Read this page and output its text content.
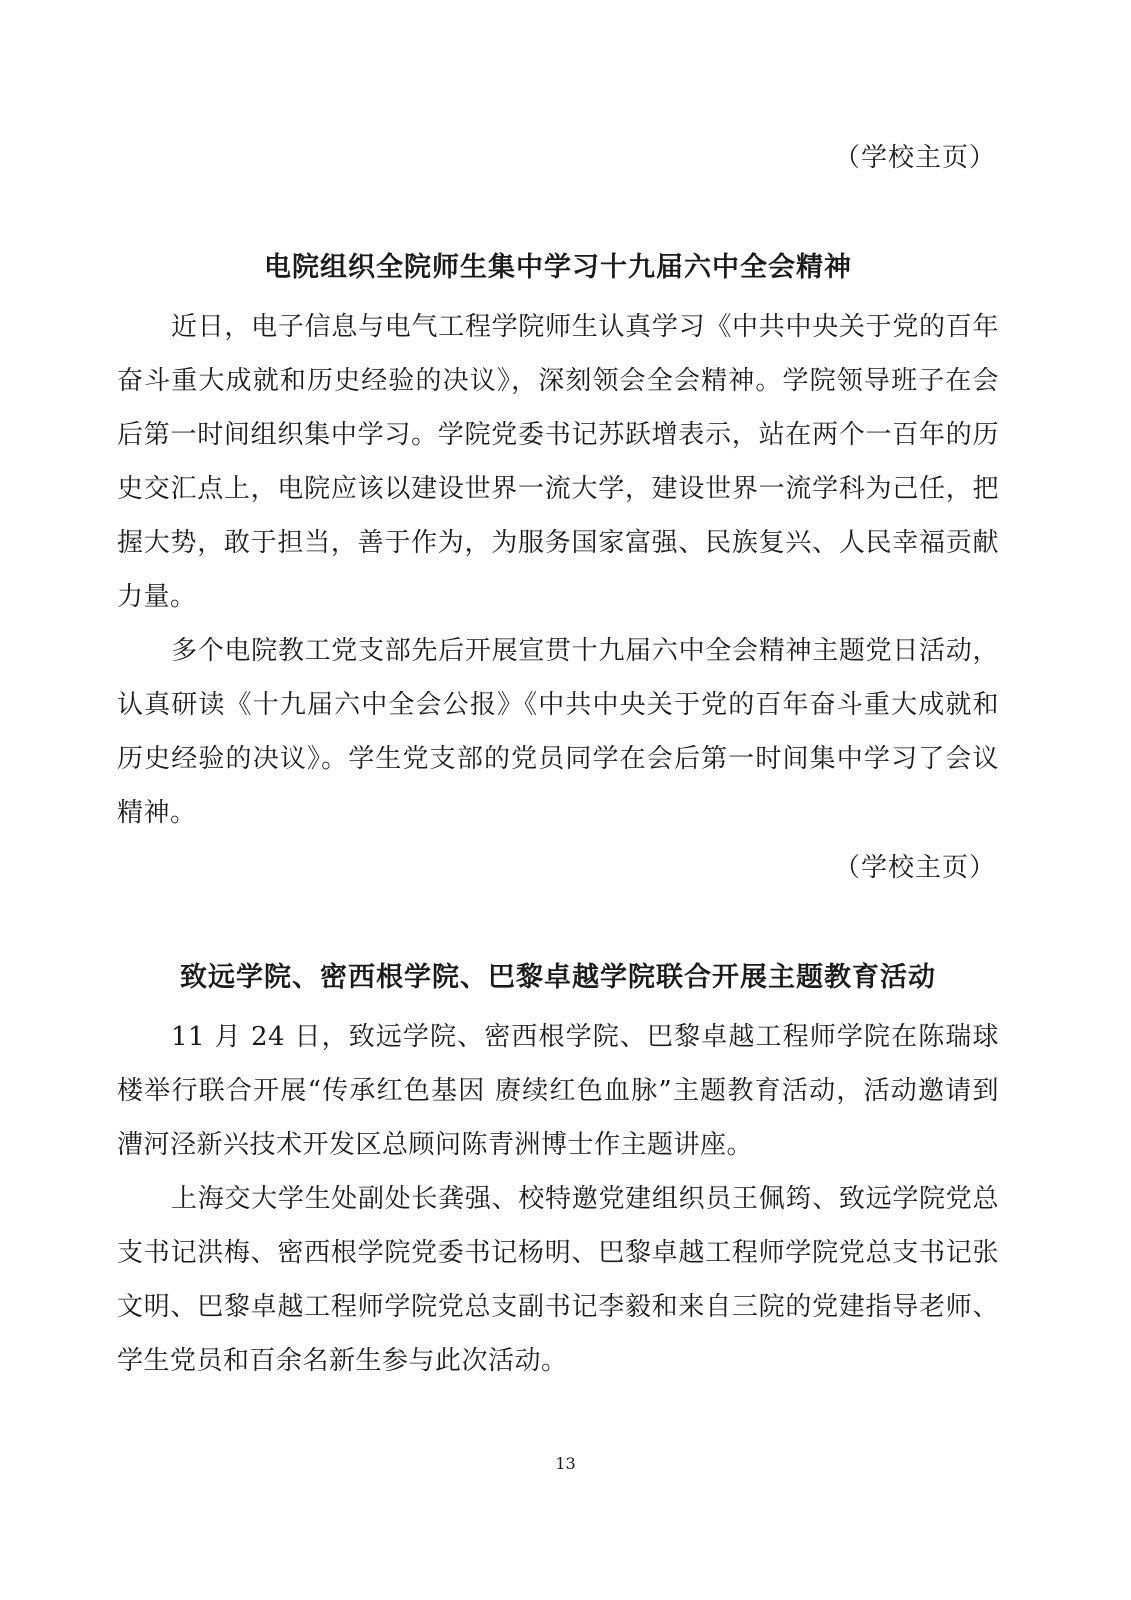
（学校主页）

电院组织全院师生集中学习十九届六中全会精神

近日，电子信息与电气工程学院师生认真学习《中共中央关于党的百年奋斗重大成就和历史经验的决议》，深刻领会全会精神。学院领导班子在会后第一时间组织集中学习。学院党委书记苏跃增表示，站在两个一百年的历史交汇点上，电院应该以建设世界一流大学，建设世界一流学科为己任，把握大势，敢于担当，善于作为，为服务国家富强、民族复兴、人民幸福贡献力量。

多个电院教工党支部先后开展宣贯十九届六中全会精神主题党日活动，认真研读《十九届六中全会公报》《中共中央关于党的百年奋斗重大成就和历史经验的决议》。学生党支部的党员同学在会后第一时间集中学习了会议精神。

（学校主页）

致远学院、密西根学院、巴黎卓越学院联合开展主题教育活动

11 月 24 日，致远学院、密西根学院、巴黎卓越工程师学院在陈瑞球楼举行联合开展“传承红色基因 赓续红色血脉”主题教育活动，活动邀请到漕河泾新兴技术开发区总顾问陈青洲博士作主题讲座。

上海交大学生处副处长龚强、校特邀党建组织员王佩筠、致远学院党总支书记洪梅、密西根学院党委书记杨明、巴黎卓越工程师学院党总支书记张文明、巴黎卓越工程师学院党总支副书记李毅和来自三院的党建指导老师、学生党员和百余名新生参与此次活动。

13
